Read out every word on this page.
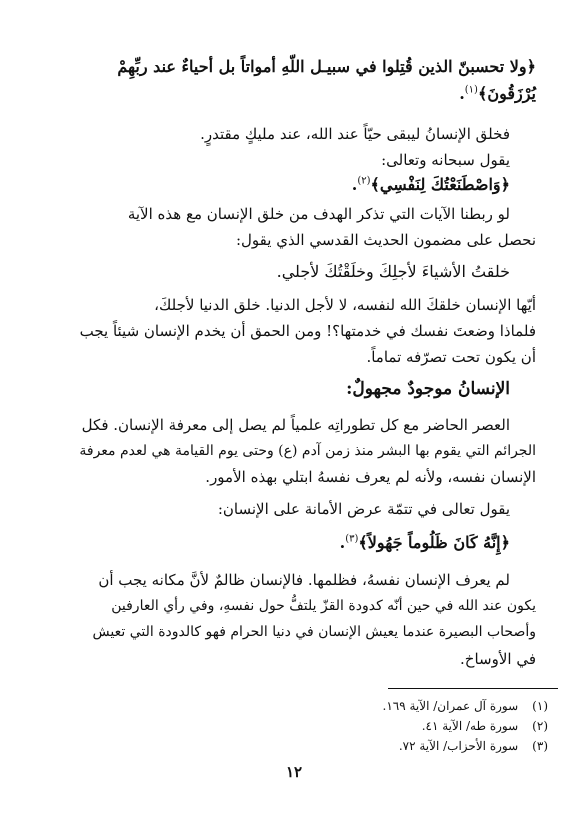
﴿ولا تحسبنّ الذين قُتِلوا في سبيـل اللّهِ أمواتاً بل أحياءٌ عند ربِّهِمْ
يُرْزَقُونَ﴾$^{(١)}$.
فخلق الإنسانُ ليبقى حيّاً عند الله، عند مليكٍ مقتدرٍ.
يقول سبحانه وتعالى:
﴿وَاصْطَنَعْتُكَ لِنَفْسِي﴾$^{(٢)}$.
لو ربطنا الآيات التي تذكر الهدف من خلق الإنسان مع هذه الآية
نحصل على مضمون الحديث القدسي الذي يقول:
خلقتُ الأشياءَ لأجلِكَ وخلَقْتُكَ لأجلي.
أيّها الإنسان خلقكَ الله لنفسه، لا لأجل الدنيا. خلق الدنيا لأجلكَ،
فلماذا وضعتَ نفسك في خدمتها؟! ومن الحمق أن يخدم الإنسان شيئاً يجب
أن يكون تحت تصرّفه تماماً.
الإنسانُ موجودٌ مجهولٌ:
العصر الحاضر مع كل تطوراتِه علمياً لم يصل إلى معرفة الإنسان. فكل
الجرائم التي يقوم بها البشر منذ زمن آدم (ع) وحتى يوم القيامة هي لعدم معرفة
الإنسان نفسه، ولأنه لم يعرف نفسهُ ابتلي بهذه الأمور.
يقول تعالى في تتمّة عرض الأمانة على الإنسان:
﴿إِنَّهُ كَانَ ظَلُوماً جَهُولاً﴾$^{(٣)}$.
لم يعرف الإنسان نفسهُ، فظلمها. فالإنسان ظالمٌ لأنَّ مكانه يجب أن
يكون عند الله في حين أنّه كدودة القزّ يلتفُّ حول نفسهِ، وفي رأي العارفين
وأصحاب البصيرة عندما يعيش الإنسان في دنيا الحرام فهو كالدودة التي تعيش
في الأوساخ.
(١) سورة آل عمران/ الآية ١٦٩.
(٢) سورة طه/ الآية ٤١.
(٣) سورة الأحزاب/ الآية ٧٢.
١٢
